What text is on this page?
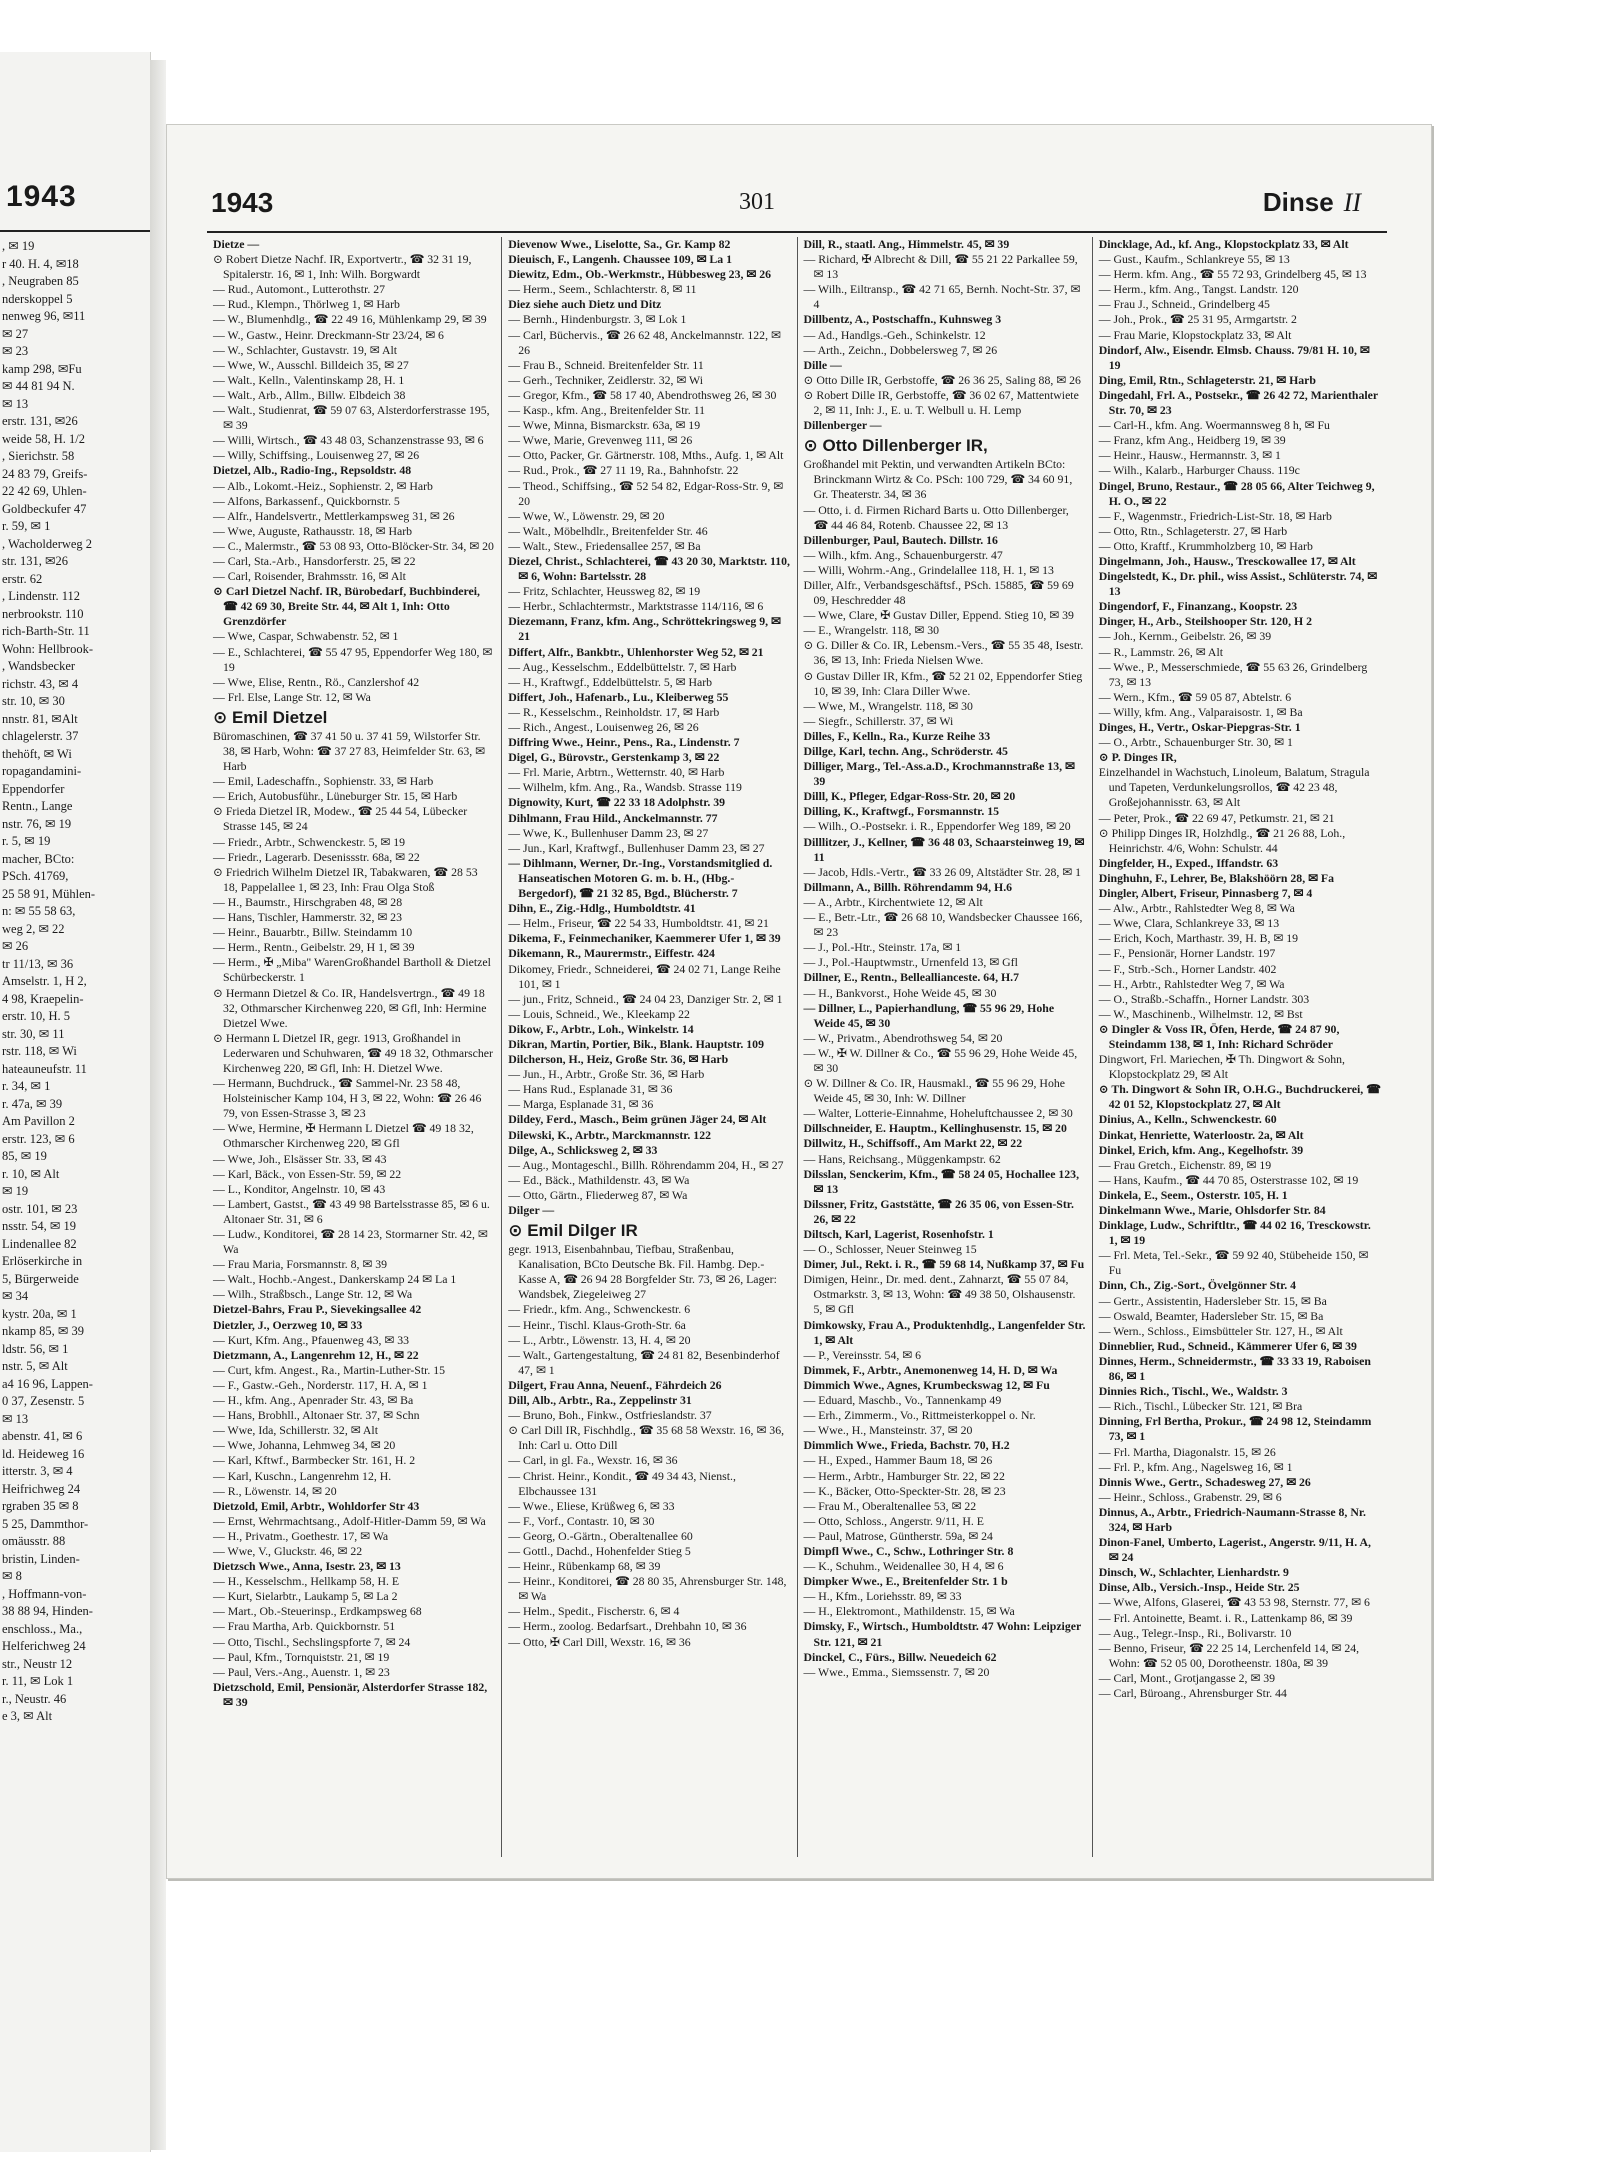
1943
, ✉ 19
r 40. H. 4, ✉18
, Neugraben 85
nderskoppel 5
nenweg 96, ✉11
✉ 27
✉ 23
kamp 298, ✉Fu
✉ 44 81 94 N.
✉ 13
erstr. 131, ✉26
weide 58, H. 1/2
, Sierichstr. 58
24 83 79, Greifs-
22 42 69, Uhlen-
Goldbeckufer 47
r. 59, ✉ 1
, Wacholderweg 2
str. 131, ✉26
erstr. 62
, Lindenstr. 112
nerbrookstr. 110
rich-Barth-Str. 11
Wohn: Hellbrook-
, Wandsbecker
richstr. 43, ✉ 4
str. 10, ✉ 30
nnstr. 81, ✉Alt
chlagelerstr. 37
thehöft, ✉ Wi
ropagandamini-
Eppendorfer
Rentn., Lange
nstr. 76, ✉ 19
r. 5, ✉ 19
macher, BCto:
PSch. 41769,
25 58 91, Mühlen-
n: ✉ 55 58 63,
weg 2, ✉ 22
✉ 26
tr 11/13, ✉ 36
Amselstr. 1, H 2,
4 98, Kraepelin-
erstr. 10, H. 5
str. 30, ✉ 11
rstr. 118, ✉ Wi
hateauneufstr. 11
r. 34, ✉ 1
r. 47a, ✉ 39
Am Pavillon 2
erstr. 123, ✉ 6
85, ✉ 19
r. 10, ✉ Alt
✉ 19
ostr. 101, ✉ 23
nsstr. 54, ✉ 19
Lindenallee 82
Erlöserkirche in
5, Bürgerweide
✉ 34
kystr. 20a, ✉ 1
nkamp 85, ✉ 39
ldstr. 56, ✉ 1
nstr. 5, ✉ Alt
a4 16 96, Lappen-
0 37, Zesenstr. 5
✉ 13
abenstr. 41, ✉ 6
ld. Heideweg 16
itterstr. 3, ✉ 4
Heifrichweg 24
rgraben 35 ✉ 8
5 25, Dammthor-
omäusstr. 88
bristin, Linden-
✉ 8
, Hoffmann-von-
38 88 94, Hinden-
enschloss., Ma.,
Helferichweg 24
str., Neustr 12
r. 11, ✉ Lok 1
r., Neustr. 46
e 3, ✉ Alt
1943	301	Dinse II
Dietze —
⊙ Robert Dietze Nachf. IR, Exportvertr., ☎ 32 31 19, Spitalerstr. 16, ✉ 1, Inh: Wilh. Borgwardt
— Rud., Automont., Lutterothstr. 27
— Rud., Klempn., Thörlweg 1, ✉ Harb
— W., Blumenhdlg., ☎ 22 49 16, Mühlenkamp 29, ✉ 39
— W., Gastw., Heinr. Dreckmann-Str 23/24, ✉ 6
— W., Schlachter, Gustavstr. 19, ✉ Alt
— Wwe, W., Ausschl. Billdeich 35, ✉ 27
— Walt., Kelln., Valentinskamp 28, H. 1
— Walt., Arb., Allm., Billw. Elbdeich 38
— Walt., Studienrat, ☎ 59 07 63, Alsterdorferstrasse 195, ✉ 39
— Willi, Wirtsch., ☎ 43 48 03, Schanzenstrasse 93, ✉ 6
— Willy, Schiffsing., Louisenweg 27, ✉ 26
Dietzel, Alb., Radio-Ing., Repsoldstr. 48
— Alb., Lokomt.-Heiz., Sophienstr. 2, ✉ Harb
— Alfons, Barkassenf., Quickbornstr. 5
— Alfr., Handelsvertr., Mettlerkampsweg 31, ✉ 26
— Wwe, Auguste, Rathausstr. 18, ✉ Harb
— C., Malermstr., ☎ 53 08 93, Otto-Blöcker-Str. 34, ✉ 20
— Carl, Sta.-Arb., Hansdorferstr. 25, ✉ 22
— Carl, Roisender, Brahmsstr. 16, ✉ Alt
⊙ Carl Dietzel Nachf. IR, Bürobedarf, Buchbinderei, ☎ 42 69 30, Breite Str. 44, ✉ Alt 1, Inh: Otto Grenzdörfer
— Wwe, Caspar, Schwabenstr. 52, ✉ 1
— E., Schlachterei, ☎ 55 47 95, Eppendorfer Weg 180, ✉ 19
— Wwe, Elise, Rentn., Rö., Canzlershof 42
— Frl. Else, Lange Str. 12, ✉ Wa
⊙ Emil Dietzel
Büromaschinen, ☎ 37 41 50 u. 37 41 59, Wilstorfer Str. 38, ✉ Harb, Wohn: ☎ 37 27 83, Heimfelder Str. 63, ✉ Harb
— Emil, Ladeschaffn., Sophienstr. 33, ✉ Harb
— Erich, Autobusführ., Lüneburger Str. 15, ✉ Harb
⊙ Frieda Dietzel IR, Modew., ☎ 25 44 54, Lübecker Strasse 145, ✉ 24
— Friedr., Arbtr., Schwenckestr. 5, ✉ 19
— Friedr., Lagerarb. Desenissstr. 68a, ✉ 22
⊙ Friedrich Wilhelm Dietzel IR, Tabakwaren, ☎ 28 53 18, Pappelallee 1, ✉ 23, Inh: Frau Olga Stoß
— H., Baumstr., Hirschgraben 48, ✉ 28
— Hans, Tischler, Hammerstr. 32, ✉ 23
— Heinr., Bauarbtr., Billw. Steindamm 10
— Herm., Rentn., Geibelstr. 29, H 1, ✉ 39
— Herm., ✠ „Miba" WarenGroßhandel Bartholl & Dietzel Schürbeckerstr. 1
⊙ Hermann Dietzel & Co. IR, Handelsvertrgn., ☎ 49 18 32, Othmarscher Kirchenweg 220, ✉ Gfl, Inh: Hermine Dietzel Wwe.
⊙ Hermann L Dietzel IR, gegr. 1913, Großhandel in Lederwaren und Schuhwaren, ☎ 49 18 32, Othmarscher Kirchenweg 220, ✉ Gfl, Inh: H. Dietzel Wwe.
— Hermann, Buchdruck., ☎ Sammel-Nr. 23 58 48, Holsteinischer Kamp 104, H 3, ✉ 22, Wohn: ☎ 26 46 79, von Essen-Strasse 3, ✉ 23
— Wwe, Hermine, ✠ Hermann L Dietzel ☎ 49 18 32, Othmarscher Kirchenweg 220, ✉ Gfl
— Wwe, Joh., Elsässer Str. 33, ✉ 43
— Karl, Bäck., von Essen-Str. 59, ✉ 22
— L., Konditor, Angelnstr. 10, ✉ 43
— Lambert, Gastst., ☎ 43 49 98 Bartelsstrasse 85, ✉ 6 u. Altonaer Str. 31, ✉ 6
— Ludw., Konditorei, ☎ 28 14 23, Stormarner Str. 42, ✉ Wa
— Frau Maria, Forsmannstr. 8, ✉ 39
— Walt., Hochb.-Angest., Dankerskamp 24 ✉ La 1
— Wilh., Straßbsch., Lange Str. 12, ✉ Wa
Dietzel-Bahrs, Frau P., Sievekingsallee 42
Dietzler, J., Oerzweg 10, ✉ 33
— Kurt, Kfm. Ang., Pfauenweg 43, ✉ 33
Dietzmann, A., Langenrehm 12, H., ✉ 22
— Curt, kfm. Angest., Ra., Martin-Luther-Str. 15
— F., Gastw.-Geh., Norderstr. 117, H. A, ✉ 1
— H., kfm. Ang., Apenrader Str. 43, ✉ Ba
— Hans, Brobhll., Altonaer Str. 37, ✉ Schn
— Wwe, Ida, Schillerstr. 32, ✉ Alt
— Wwe, Johanna, Lehmweg 34, ✉ 20
— Karl, Kftwf., Barmbecker Str. 161, H. 2
— Karl, Kuschn., Langenrehm 12, H.
— R., Löwenstr. 14, ✉ 20
Dietzold, Emil, Arbtr., Wohldorfer Str 43
— Ernst, Wehrmachtsang., Adolf-Hitler-Damm 59, ✉ Wa
— H., Privatm., Goethestr. 17, ✉ Wa
— Wwe, V., Gluckstr. 46, ✉ 22
Dietzsch Wwe., Anna, Isestr. 23, ✉ 13
— H., Kesselschm., Hellkamp 58, H. E
— Kurt, Sielarbtr., Laukamp 5, ✉ La 2
— Mart., Ob.-Steuerinsp., Erdkampsweg 68
— Frau Martha, Arb. Quickbornstr. 51
— Otto, Tischl., Sechslingspforte 7, ✉ 24
— Paul, Kfm., Tornquiststr. 21, ✉ 19
— Paul, Vers.-Ang., Auenstr. 1, ✉ 23
Dietzschold, Emil, Pensionär, Alsterdorfer Strasse 182, ✉ 39
Dievenow Wwe., Liselotte, Sa., Gr. Kamp 82
Dieuisch, F., Langenh. Chaussee 109, ✉ La 1
Diewitz, Edm., Ob.-Werkmstr., Hübbesweg 23, ✉ 26
— Herm., Seem., Schlachterstr. 8, ✉ 11
Diez siehe auch Dietz und Ditz
— Bernh., Hindenburgstr. 3, ✉ Lok 1
— Carl, Büchervis., ☎ 26 62 48, Anckelmannstr. 122, ✉ 26
— Frau B., Schneid. Breitenfelder Str. 11
— Gerh., Techniker, Zeidlerstr. 32, ✉ Wi
— Gregor, Kfm., ☎ 58 17 40, Abendrothsweg 26, ✉ 30
— Kasp., kfm. Ang., Breitenfelder Str. 11
— Wwe, Minna, Bismarckstr. 63a, ✉ 19
— Wwe, Marie, Grevenweg 111, ✉ 26
— Otto, Packer, Gr. Gärtnerstr. 108, Mths., Aufg. 1, ✉ Alt
— Rud., Prok., ☎ 27 11 19, Ra., Bahnhofstr. 22
— Theod., Schiffsing., ☎ 52 54 82, Edgar-Ross-Str. 9, ✉ 20
— Wwe, W., Löwenstr. 29, ✉ 20
— Walt., Möbelhdlr., Breitenfelder Str. 46
— Walt., Stew., Friedensallee 257, ✉ Ba
Diezel, Christ., Schlachterei, ☎ 43 20 30, Marktstr. 110, ✉ 6, Wohn: Bartelsstr. 28
— Fritz, Schlachter, Heussweg 82, ✉ 19
— Herbr., Schlachtermstr., Marktstrasse 114/116, ✉ 6
Diezemann, Franz, kfm. Ang., Schröttekringsweg 9, ✉ 21
Differt, Alfr., Bankbtr., Uhlenhorster Weg 52, ✉ 21
— Aug., Kesselschm., Eddelbüttelstr. 7, ✉ Harb
— H., Kraftwgf., Eddelbüttelstr. 5, ✉ Harb
Differt, Joh., Hafenarb., Lu., Kleiberweg 55
— R., Kesselschm., Reinholdstr. 17, ✉ Harb
— Rich., Angest., Louisenweg 26, ✉ 26
Diffring Wwe., Heinr., Pens., Ra., Lindenstr. 7
Digel, G., Bürovstr., Gerstenkamp 3, ✉ 22
— Frl. Marie, Arbtrn., Wetternstr. 40, ✉ Harb
— Wilhelm, kfm. Ang., Ra., Wandsb. Strasse 119
Dignowity, Kurt, ☎ 22 33 18 Adolphstr. 39
Dihlmann, Frau Hild., Anckelmannstr. 77
— Wwe, K., Bullenhuser Damm 23, ✉ 27
— Jun., Karl, Kraftwgf., Bullenhuser Damm 23, ✉ 27
— Dihlmann, Werner, Dr.-Ing., Vorstandsmitglied d. Hanseatischen Motoren G. m. b. H., (Hbg.-Bergedorf), ☎ 21 32 85, Bgd., Blücherstr. 7
Dihn, E., Zig.-Hdlg., Humboldtstr. 41
— Helm., Friseur, ☎ 22 54 33, Humboldtstr. 41, ✉ 21
Dikema, F., Feinmechaniker, Kaemmerer Ufer 1, ✉ 39
Dikemann, R., Maurermstr., Eiffestr. 424
Dikomey, Friedr., Schneiderei, ☎ 24 02 71, Lange Reihe 101, ✉ 1
— jun., Fritz, Schneid., ☎ 24 04 23, Danziger Str. 2, ✉ 1
— Louis, Schneid., We., Kleekamp 22
Dikow, F., Arbtr., Loh., Winkelstr. 14
Dikran, Martin, Portier, Bik., Blank. Hauptstr. 109
Dilcherson, H., Heiz, Große Str. 36, ✉ Harb
— Jun., H., Arbtr., Große Str. 36, ✉ Harb
— Hans Rud., Esplanade 31, ✉ 36
— Marga, Esplanade 31, ✉ 36
Dildey, Ferd., Masch., Beim grünen Jäger 24, ✉ Alt
Dilewski, K., Arbtr., Marckmannstr. 122
Dilge, A., Schlicksweg 2, ✉ 33
— Aug., Montageschl., Billh. Röhrendamm 204, H., ✉ 27
— Ed., Bäck., Mathildenstr. 43, ✉ Wa
— Otto, Gärtn., Fliederweg 87, ✉ Wa
Dilger —
⊙ Emil Dilger IR
gegr. 1913, Eisenbahnbau, Tiefbau, Straßenbau, Kanalisation, BCto Deutsche Bk. Fil. Hambg. Dep.-Kasse A, ☎ 26 94 28 Borgfelder Str. 73, ✉ 26, Lager: Wandsbek, Ziegeleiweg 27
— Friedr., kfm. Ang., Schwenckestr. 6
— Heinr., Tischl. Klaus-Groth-Str. 6a
— L., Arbtr., Löwenstr. 13, H. 4, ✉ 20
— Walt., Gartengestaltung, ☎ 24 81 82, Besenbinderhof 47, ✉ 1
Dilgert, Frau Anna, Neuenf., Fährdeich 26
Dill, Alb., Arbtr., Ra., Zeppelinstr 31
— Bruno, Boh., Finkw., Ostfrieslandstr. 37
⊙ Carl Dill IR, Fischhdlg., ☎ 35 68 58 Wexstr. 16, ✉ 36, Inh: Carl u. Otto Dill
— Carl, in gl. Fa., Wexstr. 16, ✉ 36
— Christ. Heinr., Kondit., ☎ 49 34 43, Nienst., Elbchaussee 131
— Wwe., Eliese, Krüßweg 6, ✉ 33
— F., Vorf., Contastr. 10, ✉ 30
— Georg, O.-Gärtn., Oberaltenallee 60
— Gottl., Dachd., Hohenfelder Stieg 5
— Heinr., Rübenkamp 68, ✉ 39
— Heinr., Konditorei, ☎ 28 80 35, Ahrensburger Str. 148, ✉ Wa
— Helm., Spedit., Fischerstr. 6, ✉ 4
— Herm., zoolog. Bedarfsart., Drehbahn 10, ✉ 36
— Otto, ✠ Carl Dill, Wexstr. 16, ✉ 36
Dill, R., staatl. Ang., Himmelstr. 45, ✉ 39
— Richard, ✠ Albrecht & Dill, ☎ 55 21 22 Parkallee 59, ✉ 13
— Wilh., Eiltransp., ☎ 42 71 65, Bernh. Nocht-Str. 37, ✉ 4
Dillbentz, A., Postschaffn., Kuhnsweg 3
— Ad., Handlgs.-Geh., Schinkelstr. 12
— Arth., Zeichn., Dobbelersweg 7, ✉ 26
Dille —
⊙ Otto Dille IR, Gerbstoffe, ☎ 26 36 25, Saling 88, ✉ 26
⊙ Robert Dille IR, Gerbstoffe, ☎ 36 02 67, Mattentwiete 2, ✉ 11, Inh: J., E. u. T. Welbull u. H. Lemp
Dillenberger —
⊙ Otto Dillenberger IR,
Großhandel mit Pektin, und verwandten Artikeln BCto: Brinckmann Wirtz & Co. PSch: 100 729, ☎ 34 60 91, Gr. Theaterstr. 34, ✉ 36
— Otto, i. d. Firmen Richard Barts u. Otto Dillenberger, ☎ 44 46 84, Rotenb. Chaussee 22, ✉ 13
Dillenburger, Paul, Bautech. Dillstr. 16
— Wilh., kfm. Ang., Schauenburgerstr. 47
— Willi, Wohrm.-Ang., Grindelallee 118, H. 1, ✉ 13
Diller, Alfr., Verbandsgeschäftsf., PSch. 15885, ☎ 59 69 09, Heschredder 48
— Wwe, Clare, ✠ Gustav Diller, Eppend. Stieg 10, ✉ 39
— E., Wrangelstr. 118, ✉ 30
⊙ G. Diller & Co. IR, Lebensm.-Vers., ☎ 55 35 48, Isestr. 36, ✉ 13, Inh: Frieda Nielsen Wwe.
⊙ Gustav Diller IR, Kfm., ☎ 52 21 02, Eppendorfer Stieg 10, ✉ 39, Inh: Clara Diller Wwe.
— Wwe, M., Wrangelstr. 118, ✉ 30
— Siegfr., Schillerstr. 37, ✉ Wi
Dilles, F., Kelln., Ra., Kurze Reihe 33
Dillge, Karl, techn. Ang., Schröderstr. 45
Dilliger, Marg., Tel.-Ass.a.D., Krochmannstraße 13, ✉ 39
Dilll, K., Pfleger, Edgar-Ross-Str. 20, ✉ 20
Dilling, K., Kraftwgf., Forsmannstr. 15
— Wilh., O.-Postsekr. i. R., Eppendorfer Weg 189, ✉ 20
Dilllitzer, J., Kellner, ☎ 36 48 03, Schaarsteinweg 19, ✉ 11
— Jacob, Hdls.-Vertr., ☎ 33 26 09, Altstädter Str. 28, ✉ 1
Dillmann, A., Billh. Röhrendamm 94, H.6
— A., Arbtr., Kirchentwiete 12, ✉ Alt
— E., Betr.-Ltr., ☎ 26 68 10, Wandsbecker Chaussee 166, ✉ 23
— J., Pol.-Htr., Steinstr. 17a, ✉ 1
— J., Pol.-Hauptwmstr., Urnenfeld 13, ✉ Gfl
Dillner, E., Rentn., Belleallianceste. 64, H.7
— H., Bankvorst., Hohe Weide 45, ✉ 30
— Dillner, L., Papierhandlung, ☎ 55 96 29, Hohe Weide 45, ✉ 30
— W., Privatm., Abendrothsweg 54, ✉ 20
— W., ✠ W. Dillner & Co., ☎ 55 96 29, Hohe Weide 45, ✉ 30
⊙ W. Dillner & Co. IR, Hausmakl., ☎ 55 96 29, Hohe Weide 45, ✉ 30, Inh: W. Dillner
— Walter, Lotterie-Einnahme, Hoheluftchaussee 2, ✉ 30
Dillschneider, E. Hauptm., Kellinghusenstr. 15, ✉ 20
Dillwitz, H., Schiffsoff., Am Markt 22, ✉ 22
— Hans, Reichsang., Müggenkampstr. 62
Dilsslan, Senckerim, Kfm., ☎ 58 24 05, Hochallee 123, ✉ 13
Dilssner, Fritz, Gaststätte, ☎ 26 35 06, von Essen-Str. 26, ✉ 22
Diltsch, Karl, Lagerist, Rosenhofstr. 1
— O., Schlosser, Neuer Steinweg 15
Dimer, Jul., Rekt. i. R., ☎ 59 68 14, Nußkamp 37, ✉ Fu
Dimigen, Heinr., Dr. med. dent., Zahnarzt, ☎ 55 07 84, Ostmarkstr. 3, ✉ 13, Wohn: ☎ 49 38 50, Olshausenstr. 5, ✉ Gfl
Dimkowsky, Frau A., Produktenhdlg., Langenfelder Str. 1, ✉ Alt
— P., Vereinsstr. 54, ✉ 6
Dimmek, F., Arbtr., Anemonenweg 14, H. D, ✉ Wa
Dimmich Wwe., Agnes, Krumbeckswag 12, ✉ Fu
— Eduard, Maschb., Vo., Tannenkamp 49
— Erh., Zimmerm., Vo., Rittmeisterkoppel o. Nr.
— Wwe., H., Mansteinstr. 37, ✉ 20
Dimmlich Wwe., Frieda, Bachstr. 70, H.2
— H., Exped., Hammer Baum 18, ✉ 26
— Herm., Arbtr., Hamburger Str. 22, ✉ 22
— K., Bäcker, Otto-Speckter-Str. 28, ✉ 23
— Frau M., Oberaltenallee 53, ✉ 22
— Otto, Schloss., Angerstr. 9/11, H. E
— Paul, Matrose, Güntherstr. 59a, ✉ 24
Dimpfl Wwe., C., Schw., Lothringer Str. 8
— K., Schuhm., Weidenallee 30, H 4, ✉ 6
Dimpker Wwe., E., Breitenfelder Str. 1 b
— H., Kfm., Loriehsstr. 89, ✉ 33
— H., Elektromont., Mathildenstr. 15, ✉ Wa
Dimsky, F., Wirtsch., Humboldtstr. 47 Wohn: Leipziger Str. 121, ✉ 21
Dinckel, C., Fürs., Billw. Neuedeich 62
— Wwe., Emma., Siemssenstr. 7, ✉ 20
Dincklage, Ad., kf. Ang., Klopstockplatz 33, ✉ Alt
— Gust., Kaufm., Schlankreye 55, ✉ 13
— Herm. kfm. Ang., ☎ 55 72 93, Grindelberg 45, ✉ 13
— Herm., kfm. Ang., Tangst. Landstr. 120
— Frau J., Schneid., Grindelberg 45
— Joh., Prok., ☎ 25 31 95, Armgartstr. 2
— Frau Marie, Klopstockplatz 33, ✉ Alt
Dindorf, Alw., Eisendr. Elmsb. Chauss. 79/81 H. 10, ✉ 19
Ding, Emil, Rtn., Schlageterstr. 21, ✉ Harb
Dingedahl, Frl. A., Postsekr., ☎ 26 42 72, Marienthaler Str. 70, ✉ 23
— Carl-H., kfm. Ang. Woermannsweg 8 h, ✉ Fu
— Franz, kfm Ang., Heidberg 19, ✉ 39
— Heinr., Hausw., Hermannstr. 3, ✉ 1
— Wilh., Kalarb., Harburger Chauss. 119c
Dingel, Bruno, Restaur., ☎ 28 05 66, Alter Teichweg 9, H. O., ✉ 22
— F., Wagenmstr., Friedrich-List-Str. 18, ✉ Harb
— Otto, Rtn., Schlageterstr. 27, ✉ Harb
— Otto, Kraftf., Krummholzberg 10, ✉ Harb
Dingelmann, Joh., Hausw., Tresckowallee 17, ✉ Alt
Dingelstedt, K., Dr. phil., wiss Assist., Schlüterstr. 74, ✉ 13
Dingendorf, F., Finanzang., Koopstr. 23
Dinger, H., Arb., Steilshooper Str. 120, H 2
— Joh., Kernm., Geibelstr. 26, ✉ 39
— R., Lammstr. 26, ✉ Alt
— Wwe., P., Messerschmiede, ☎ 55 63 26, Grindelberg 73, ✉ 13
— Wern., Kfm., ☎ 59 05 87, Abtelstr. 6
— Willy, kfm. Ang., Valparaisostr. 1, ✉ Ba
Dinges, H., Vertr., Oskar-Piepgras-Str. 1
— O., Arbtr., Schauenburger Str. 30, ✉ 1
⊙ P. Dinges IR,
Einzelhandel in Wachstuch, Linoleum, Balatum, Stragula und Tapeten, Verdunkelungsrollos, ☎ 42 23 48, Großejohannisstr. 63, ✉ Alt
— Peter, Prok., ☎ 22 69 47, Petkumstr. 21, ✉ 21
⊙ Philipp Dinges IR, Holzhdlg., ☎ 21 26 88, Loh., Heinrichstr. 4/6, Wohn: Schulstr. 44
Dingfelder, H., Exped., Iffandstr. 63
Dinghuhn, F., Lehrer, Be, Blakshöörn 28, ✉ Fa
Dingler, Albert, Friseur, Pinnasberg 7, ✉ 4
— Alw., Arbtr., Rahlstedter Weg 8, ✉ Wa
— Wwe, Clara, Schlankreye 33, ✉ 13
— Erich, Koch, Marthastr. 39, H. B, ✉ 19
— F., Pensionär, Horner Landstr. 197
— F., Strb.-Sch., Horner Landstr. 402
— H., Arbtr., Rahlstedter Weg 7, ✉ Wa
— O., Straßb.-Schaffn., Horner Landstr. 303
— W., Maschinenb., Wilhelmstr. 12, ✉ Bst
⊙ Dingler & Voss IR, Öfen, Herde, ☎ 24 87 90, Steindamm 138, ✉ 1, Inh: Richard Schröder
Dingwort, Frl. Mariechen, ✠ Th. Dingwort & Sohn, Klopstockplatz 29, ✉ Alt
⊙ Th. Dingwort & Sohn IR, O.H.G., Buchdruckerei, ☎ 42 01 52, Klopstockplatz 27, ✉ Alt
Dinius, A., Kelln., Schwenckestr. 60
Dinkat, Henriette, Waterloostr. 2a, ✉ Alt
Dinkel, Erich, kfm. Ang., Kegelhofstr. 39
— Frau Gretch., Eichenstr. 89, ✉ 19
— Hans, Kaufm., ☎ 44 70 85, Osterstrasse 102, ✉ 19
Dinkela, E., Seem., Osterstr. 105, H. 1
Dinkelmann Wwe., Marie, Ohlsdorfer Str. 84
Dinklage, Ludw., Schriftltr., ☎ 44 02 16, Tresckowstr. 1, ✉ 19
— Frl. Meta, Tel.-Sekr., ☎ 59 92 40, Stübeheide 150, ✉ Fu
Dinn, Ch., Zig.-Sort., Övelgönner Str. 4
— Gertr., Assistentin, Hadersleber Str. 15, ✉ Ba
— Oswald, Beamter, Hadersleber Str. 15, ✉ Ba
— Wern., Schloss., Eimsbütteler Str. 127, H., ✉ Alt
Dinneblier, Rud., Schneid., Kämmerer Ufer 6, ✉ 39
Dinnes, Herm., Schneidermstr., ☎ 33 33 19, Raboisen 86, ✉ 1
Dinnies Rich., Tischl., We., Waldstr. 3
— Rich., Tischl., Lübecker Str. 121, ✉ Bra
Dinning, Frl Bertha, Prokur., ☎ 24 98 12, Steindamm 73, ✉ 1
— Frl. Martha, Diagonalstr. 15, ✉ 26
— Frl. P., kfm. Ang., Nagelsweg 16, ✉ 1
Dinnis Wwe., Gertr., Schadesweg 27, ✉ 26
— Heinr., Schloss., Grabenstr. 29, ✉ 6
Dinnus, A., Arbtr., Friedrich-Naumann-Strasse 8, Nr. 324, ✉ Harb
Dinon-Fanel, Umberto, Lagerist., Angerstr. 9/11, H. A, ✉ 24
Dinsch, W., Schlachter, Lienhardstr. 9
Dinse, Alb., Versich.-Insp., Heide Str. 25
— Wwe, Alfons, Glaserei, ☎ 43 53 98, Sternstr. 77, ✉ 6
— Frl. Antoinette, Beamt. i. R., Lattenkamp 86, ✉ 39
— Aug., Telegr.-Insp., Ri., Bolivarstr. 10
— Benno, Friseur, ☎ 22 25 14, Lerchenfeld 14, ✉ 24, Wohn: ☎ 52 05 00, Dorotheenstr. 180a, ✉ 39
— Carl, Mont., Grotjangasse 2, ✉ 39
— Carl, Büroang., Ahrensburger Str. 44
